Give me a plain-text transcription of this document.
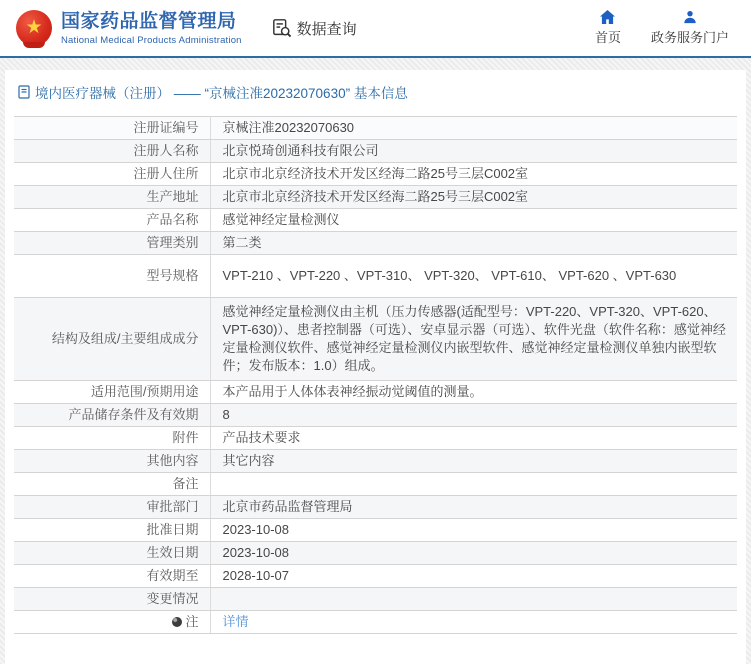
★ 国家药品监督管理局
National Medical Products Administration
数据查询	首页 政务服务门户
境内医疗器械（注册） —— “京械注准20232070630” 基本信息
注册证编号	京械注准20232070630
注册人名称	北京悦琦创通科技有限公司
注册人住所	北京市北京经济技术开发区经海二路25号三层C002室
生产地址	北京市北京经济技术开发区经海二路25号三层C002室
产品名称	感觉神经定量检测仪
管理类别	第二类
型号规格	VPT-210 、VPT-220 、VPT-310、 VPT-320、 VPT-610、 VPT-620 、VPT-630
结构及组成/主要组成成分	感觉神经定量检测仪由主机（压力传感器(适配型号：VPT-220、VPT-320、VPT-620、VPT-630)）、患者控制器（可选）、安卓显示器（可选）、软件光盘（软件名称：感觉神经定量检测仪软件、感觉神经定量检测仪内嵌型软件、感觉神经定量检测仪单独内嵌型软件；发布版本：1.0）组成。
适用范围/预期用途	本产品用于人体体表神经振动觉阈值的测量。
产品储存条件及有效期	8
附件	产品技术要求
其他内容	其它内容
备注	
审批部门	北京市药品监督管理局
批准日期	2023-10-08
生效日期	2023-10-08
有效期至	2028-10-07
变更情况	
注	详情
